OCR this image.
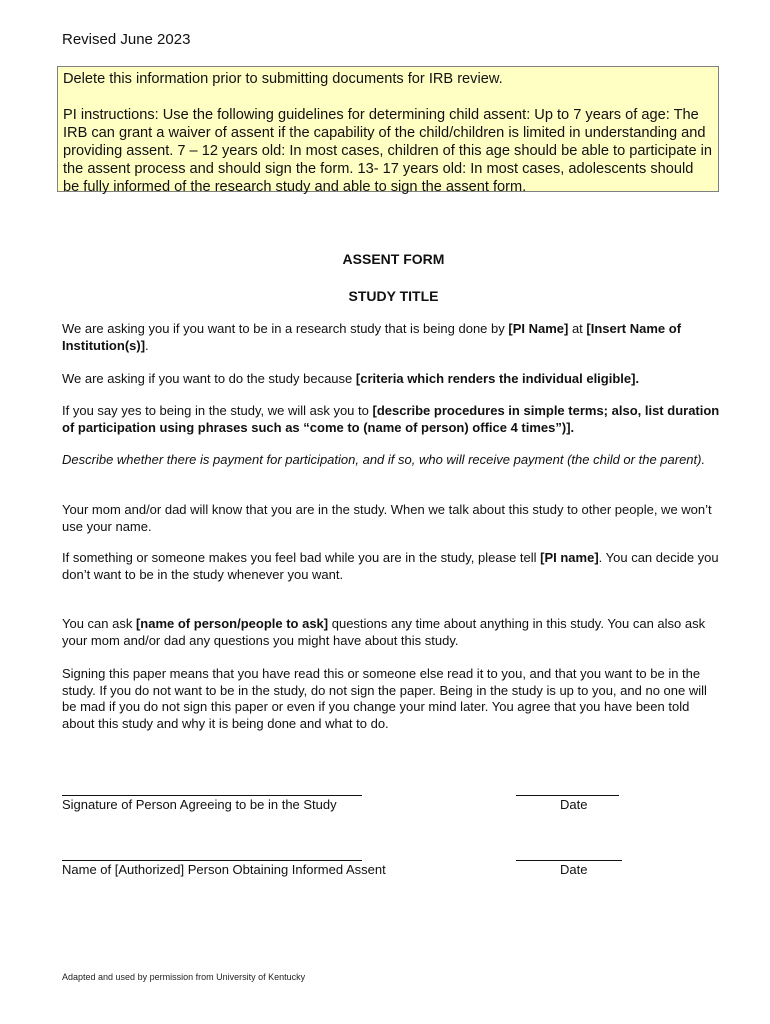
Revised June 2023

Delete this information prior to submitting documents for IRB review.

PI instructions: Use the following guidelines for determining child assent: Up to 7 years of age: The IRB can grant a waiver of assent if the capability of the child/children is limited in understanding and providing assent. 7 – 12 years old: In most cases, children of this age should be able to participate in the assent process and should sign the form. 13- 17 years old: In most cases, adolescents should be fully informed of the research study and able to sign the assent form.

ASSENT FORM
STUDY TITLE

We are asking you if you want to be in a research study that is being done by [PI Name] at [Insert Name of Institution(s)].

We are asking if you want to do the study because [criteria which renders the individual eligible].

If you say yes to being in the study, we will ask you to [describe procedures in simple terms; also, list duration of participation using phrases such as “come to (name of person) office 4 times”)].

Describe whether there is payment for participation, and if so, who will receive payment (the child or the parent).

Your mom and/or dad will know that you are in the study. When we talk about this study to other people, we won’t use your name.

If something or someone makes you feel bad while you are in the study, please tell [PI name]. You can decide you don’t want to be in the study whenever you want.

You can ask [name of person/people to ask] questions any time about anything in this study. You can also ask your mom and/or dad any questions you might have about this study.

Signing this paper means that you have read this or someone else read it to you, and that you want to be in the study. If you do not want to be in the study, do not sign the paper. Being in the study is up to you, and no one will be mad if you do not sign this paper or even if you change your mind later. You agree that you have been told about this study and why it is being done and what to do.

Signature of Person Agreeing to be in the Study	Date
Name of [Authorized] Person Obtaining Informed Assent	Date
Adapted and used by permission from University of Kentucky
